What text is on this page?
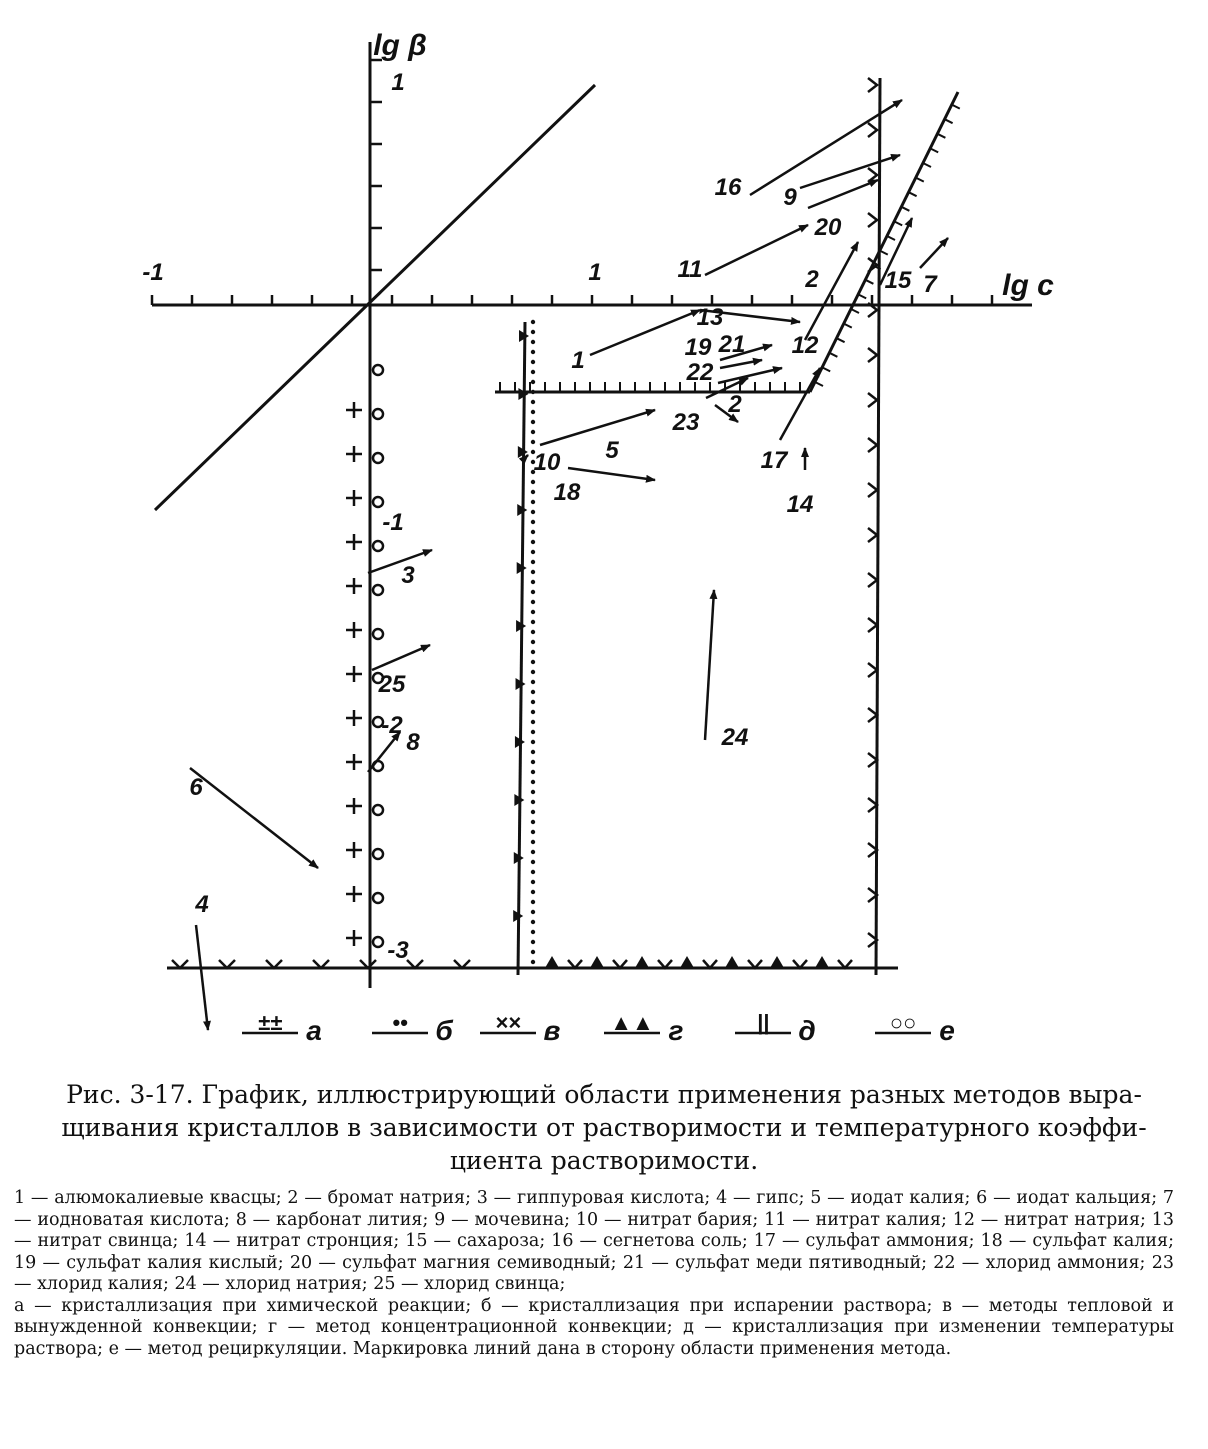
lg β
lg c
-1	1	2
1
-1
-2
-3
1
2
3
4
5
6
7
8
9
10
11
12
13
14
15
16
17
18
19
20
21
22
23
24
25
±± а	•• б ×× в ▲▲ г	|| д	○○ е
Рис. 3-17. График, иллюстрирующий области применения разных методов выра-
щивания кристаллов в зависимости от растворимости и температурного коэффи-
циента растворимости.

1 — алюмокалиевые квасцы; 2 — бромат натрия; 3 — гиппуровая кислота; 4 — гипс; 5 — иодат калия; 6 — иодат кальция; 7 — иодноватая кислота; 8 — карбонат лития; 9 — мочевина; 10 — нитрат бария; 11 — нитрат калия; 12 — нитрат натрия; 13 — нитрат свинца; 14 — нитрат стронция; 15 — сахароза; 16 — сегнетова соль; 17 — сульфат аммония; 18 — сульфат калия; 19 — сульфат калия кислый; 20 — сульфат магния семиводный; 21 — сульфат меди пятиводный; 22 — хлорид аммония; 23 — хлорид калия; 24 — хлорид натрия; 25 — хлорид свинца;

а — кристаллизация при химической реакции; б — кристаллизация при испарении раствора; в — методы тепловой и вынужденной конвекции; г — метод концентрационной конвекции; д — кристаллизация при изменении температуры раствора; е — метод рециркуляции. Маркировка линий дана в сторону области применения метода.
